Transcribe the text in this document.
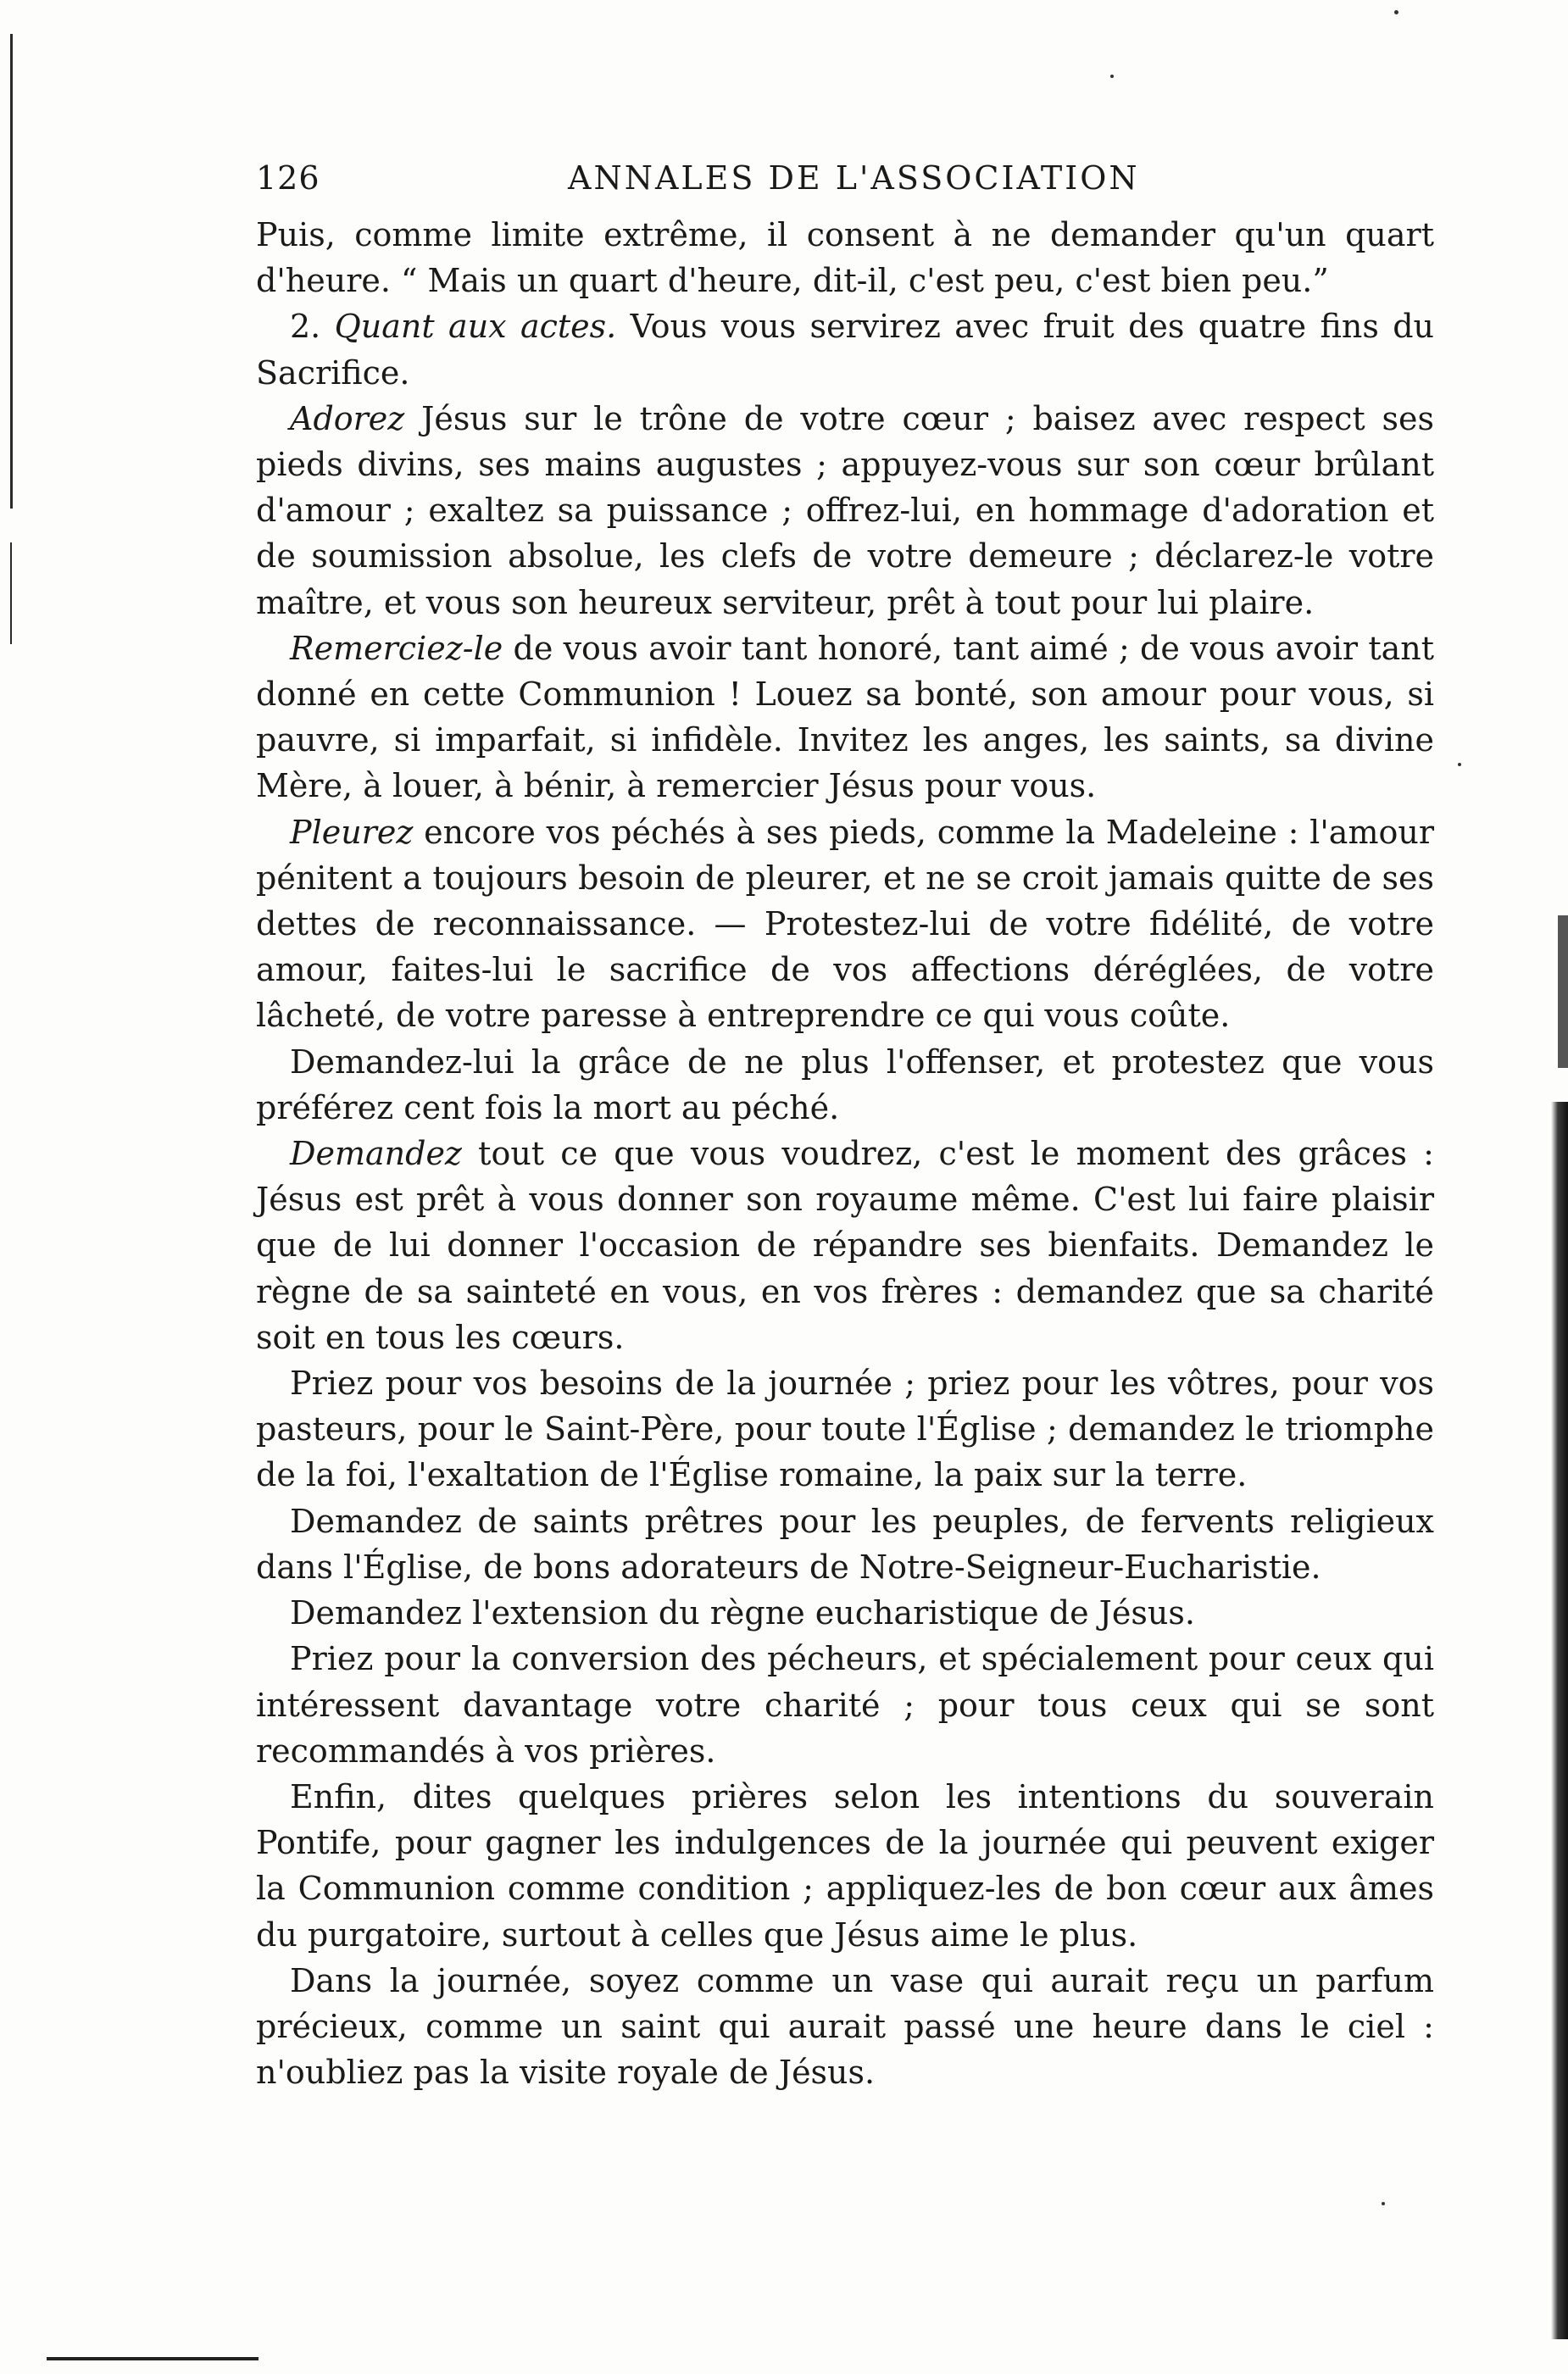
126	ANNALES DE L'ASSOCIATION

Puis, comme limite extrême, il consent à ne demander qu'un quart d'heure. “ Mais un quart d'heure, dit-il, c'est peu, c'est bien peu.”

2. Quant aux actes. Vous vous servirez avec fruit des quatre fins du Sacrifice.

Adorez Jésus sur le trône de votre cœur ; baisez avec respect ses pieds divins, ses mains augustes ; appuyez-vous sur son cœur brûlant d'amour ; exaltez sa puissance ; offrez-lui, en hommage d'adoration et de soumission absolue, les clefs de votre demeure ; déclarez-le votre maître, et vous son heureux serviteur, prêt à tout pour lui plaire.

Remerciez-le de vous avoir tant honoré, tant aimé ; de vous avoir tant donné en cette Communion ! Louez sa bonté, son amour pour vous, si pauvre, si imparfait, si infidèle. Invitez les anges, les saints, sa divine Mère, à louer, à bénir, à remercier Jésus pour vous.

Pleurez encore vos péchés à ses pieds, comme la Madeleine : l'amour pénitent a toujours besoin de pleurer, et ne se croit jamais quitte de ses dettes de reconnaissance. — Protestez-lui de votre fidélité, de votre amour, faites-lui le sacrifice de vos affections déréglées, de votre lâcheté, de votre paresse à entreprendre ce qui vous coûte.

Demandez-lui la grâce de ne plus l'offenser, et protestez que vous préférez cent fois la mort au péché.

Demandez tout ce que vous voudrez, c'est le moment des grâces : Jésus est prêt à vous donner son royaume même. C'est lui faire plaisir que de lui donner l'occasion de répandre ses bienfaits. Demandez le règne de sa sainteté en vous, en vos frères : demandez que sa charité soit en tous les cœurs.

Priez pour vos besoins de la journée ; priez pour les vôtres, pour vos pasteurs, pour le Saint-Père, pour toute l'Église ; demandez le triomphe de la foi, l'exaltation de l'Église romaine, la paix sur la terre.

Demandez de saints prêtres pour les peuples, de fervents religieux dans l'Église, de bons adorateurs de Notre-Seigneur-Eucharistie.

Demandez l'extension du règne eucharistique de Jésus.

Priez pour la conversion des pécheurs, et spécialement pour ceux qui intéressent davantage votre charité ; pour tous ceux qui se sont recommandés à vos prières.

Enfin, dites quelques prières selon les intentions du souverain Pontife, pour gagner les indulgences de la journée qui peuvent exiger la Communion comme condition ; appliquez-les de bon cœur aux âmes du purgatoire, surtout à celles que Jésus aime le plus.

Dans la journée, soyez comme un vase qui aurait reçu un parfum précieux, comme un saint qui aurait passé une heure dans le ciel : n'oubliez pas la visite royale de Jésus.
